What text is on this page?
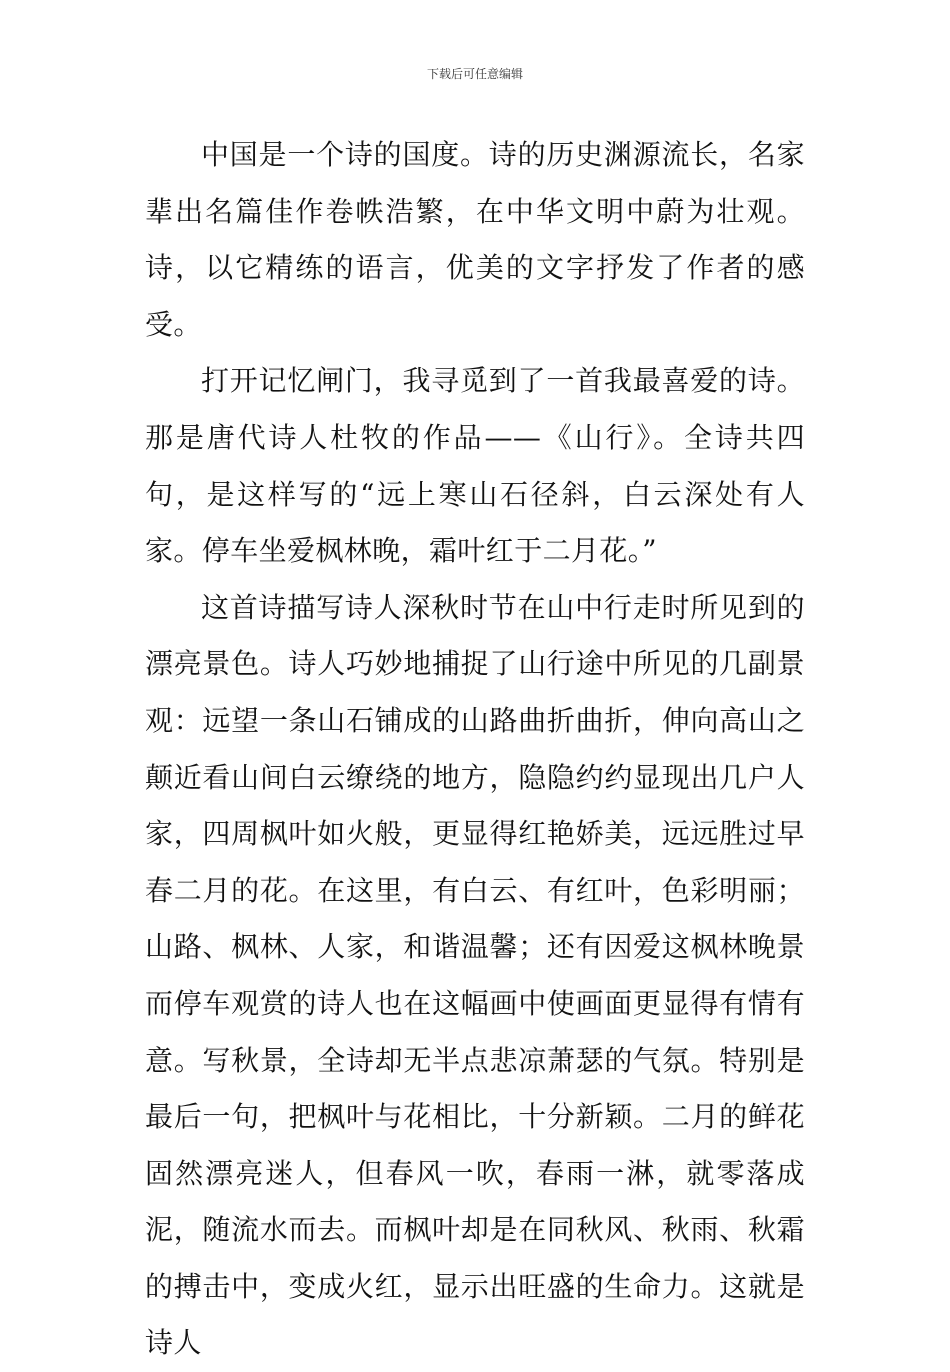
下载后可任意编辑

中国是一个诗的国度。诗的历史渊源流长，名家辈出名篇佳作卷帙浩繁，在中华文明中蔚为壮观。诗，以它精练的语言，优美的文字抒发了作者的感受。

打开记忆闸门，我寻觅到了一首我最喜爱的诗。那是唐代诗人杜牧的作品——《山行》。全诗共四句，是这样写的“远上寒山石径斜，白云深处有人家。停车坐爱枫林晚，霜叶红于二月花。”

这首诗描写诗人深秋时节在山中行走时所见到的漂亮景色。诗人巧妙地捕捉了山行途中所见的几副景观：远望一条山石铺成的山路曲折曲折，伸向高山之颠近看山间白云缭绕的地方，隐隐约约显现出几户人家，四周枫叶如火般，更显得红艳娇美，远远胜过早春二月的花。在这里，有白云、有红叶，色彩明丽；山路、枫林、人家，和谐温馨；还有因爱这枫林晚景而停车观赏的诗人也在这幅画中使画面更显得有情有意。写秋景，全诗却无半点悲凉萧瑟的气氛。特别是最后一句，把枫叶与花相比，十分新颖。二月的鲜花固然漂亮迷人，但春风一吹，春雨一淋，就零落成泥，随流水而去。而枫叶却是在同秋风、秋雨、秋霜的搏击中，变成火红，显示出旺盛的生命力。这就是诗人
